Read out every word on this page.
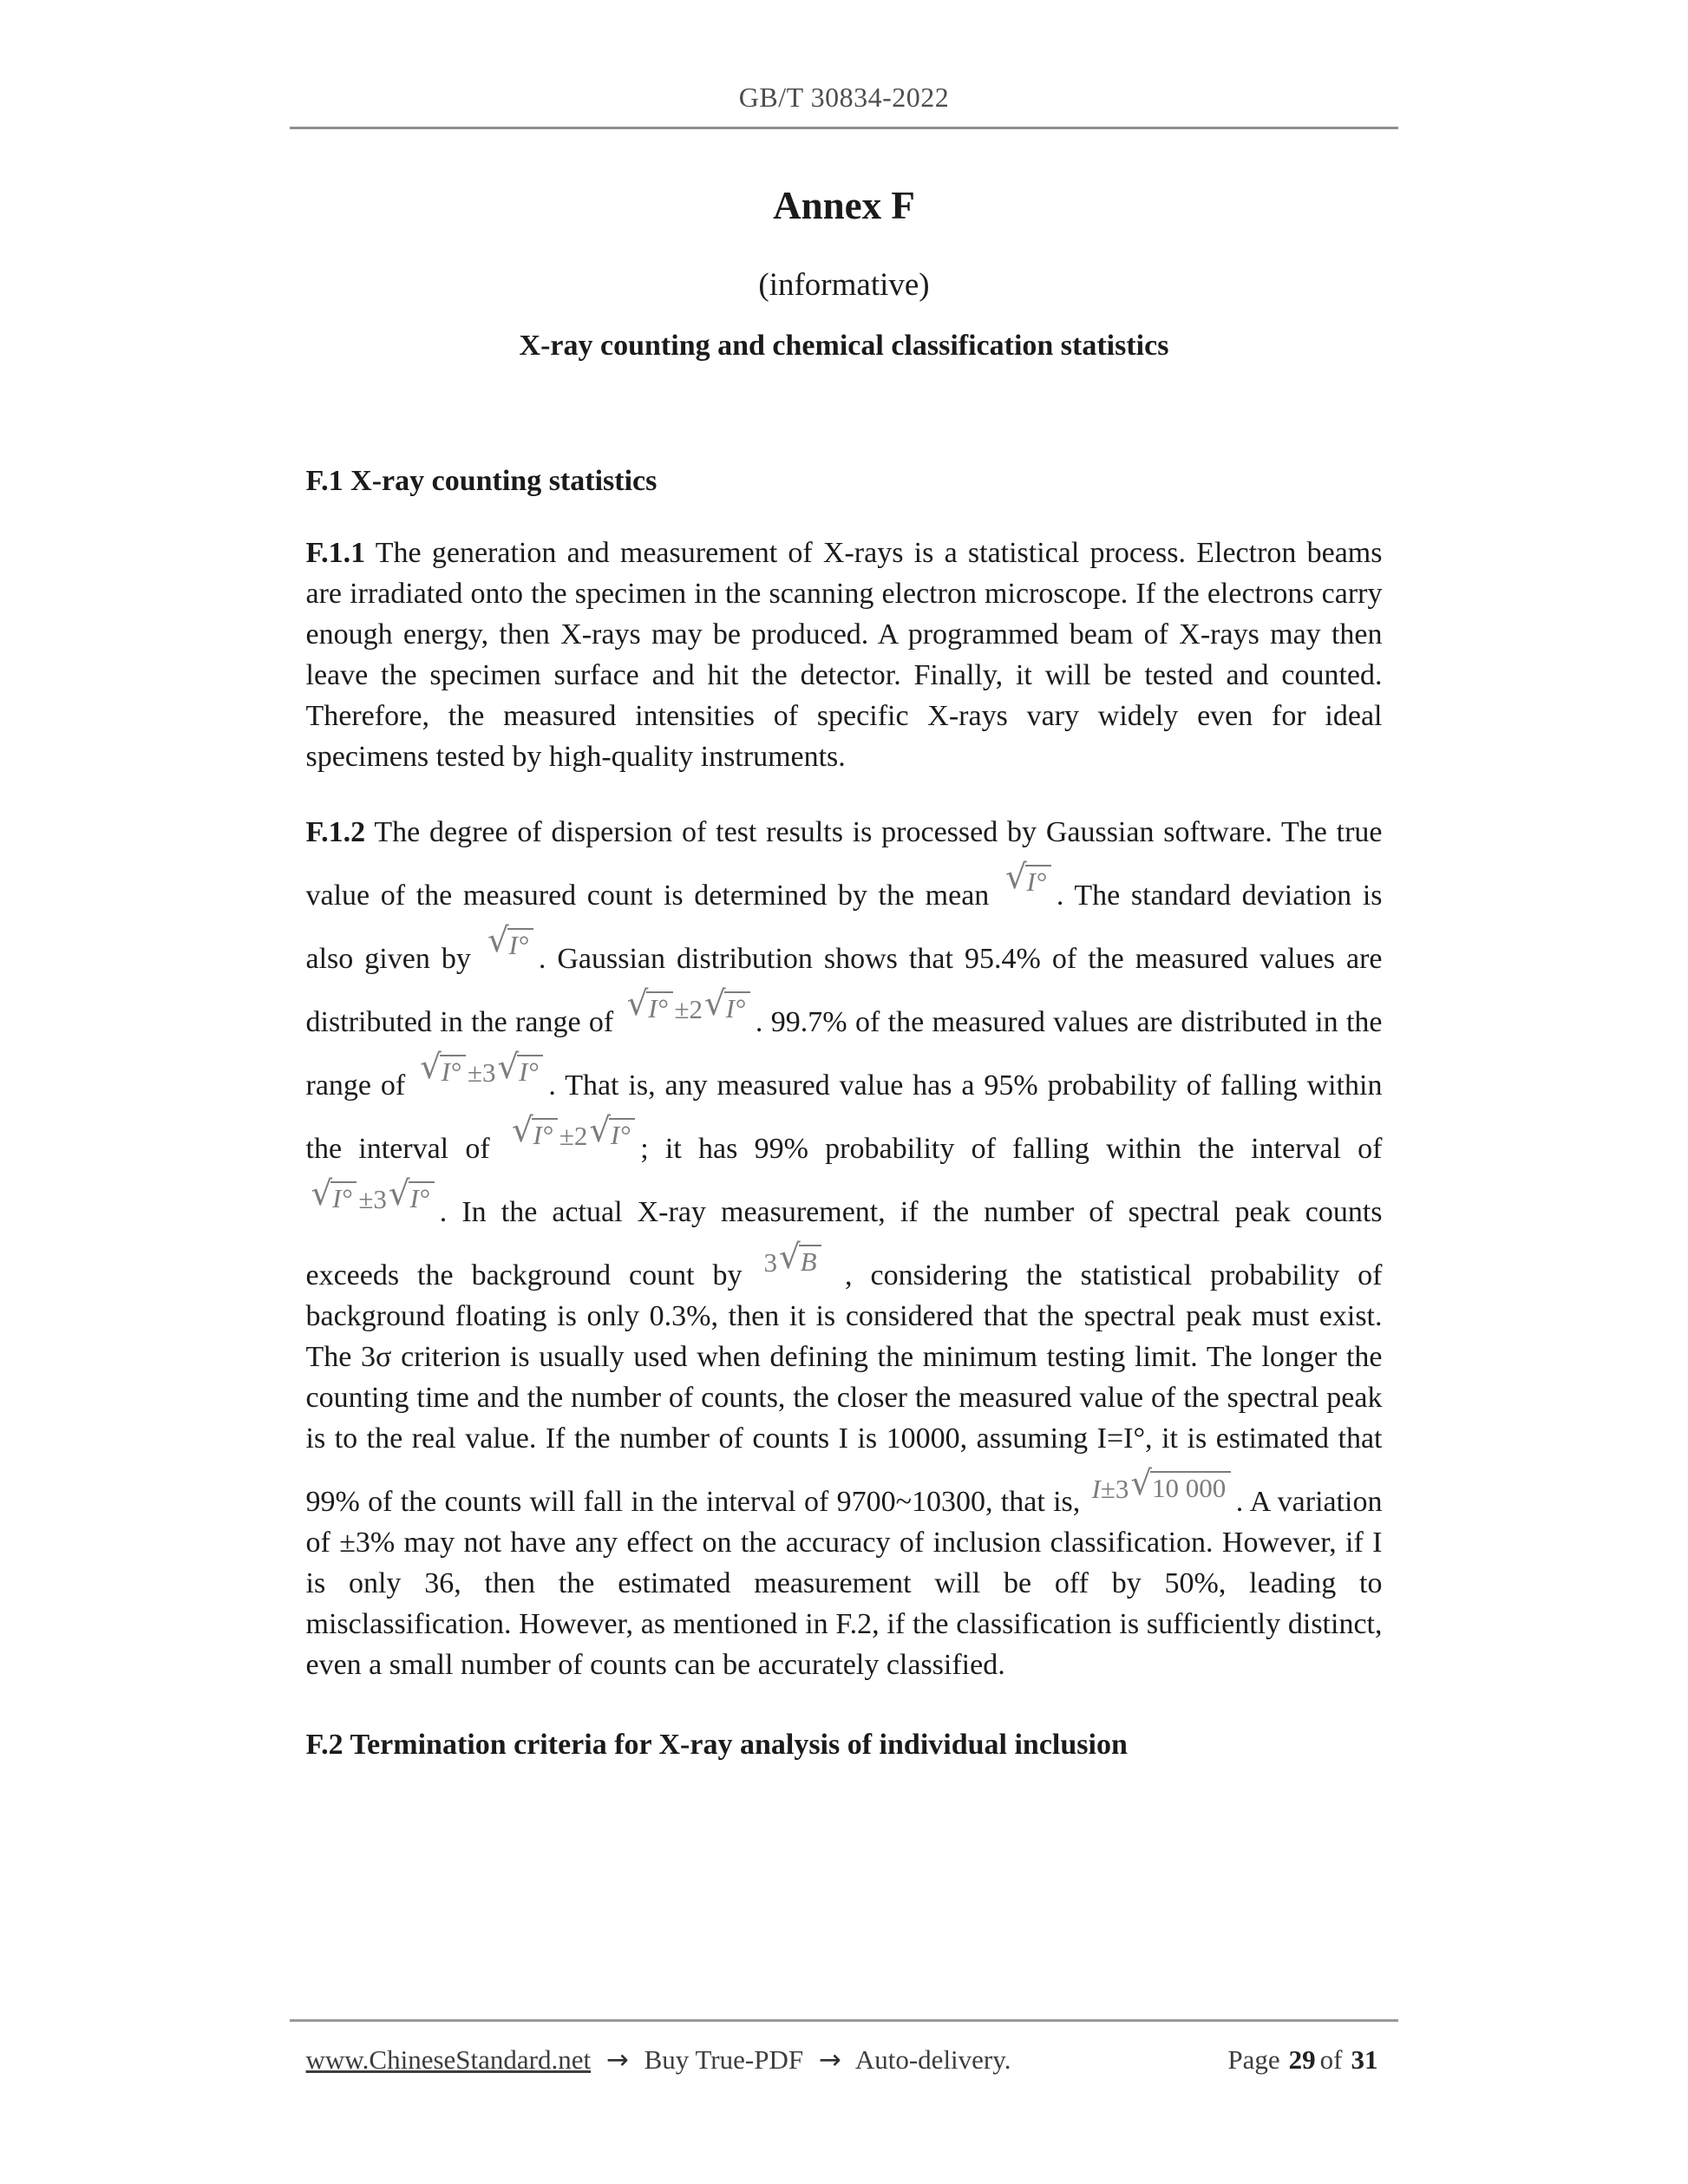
GB/T 30834-2022
Annex F
(informative)
X-ray counting and chemical classification statistics
F.1 X-ray counting statistics

F.1.1 The generation and measurement of X-rays is a statistical process. Electron beams are irradiated onto the specimen in the scanning electron microscope. If the electrons carry enough energy, then X-rays may be produced. A programmed beam of X-rays may then leave the specimen surface and hit the detector. Finally, it will be tested and counted. Therefore, the measured intensities of specific X-rays vary widely even for ideal specimens tested by high-quality instruments.

F.1.2 The degree of dispersion of test results is processed by Gaussian software. The true value of the measured count is determined by the mean √ I° . The standard deviation is also given by √ I° . Gaussian distribution shows that 95.4% of the measured values are distributed in the range of √ I° ±2 √ I° . 99.7% of the measured values are distributed in the range of √ I° ±3 √ I° . That is, any measured value has a 95% probability of falling within the interval of √ I° ±2 √ I° ; it has 99% probability of falling within the interval of
√ I° ±3 √ I° . In the actual X-ray measurement, if the number of spectral peak counts exceeds the background count by 3 √ B , considering the statistical probability of background floating is only 0.3%, then it is considered that the spectral peak must exist. The 3σ criterion is usually used when defining the minimum testing limit. The longer the counting time and the number of counts, the closer the measured value of the spectral peak is to the real value. If the number of counts I is 10000, assuming I=I°, it is estimated that 99% of the counts will fall in the interval of 9700~10300, that is, I±3 √ 10 000 . A variation of ±3% may not have any effect on the accuracy of inclusion classification. However, if I is only 36, then the estimated measurement will be off by 50%, leading to misclassification. However, as mentioned in F.2, if the classification is sufficiently distinct, even a small number of counts can be accurately classified.

F.2 Termination criteria for X-ray analysis of individual inclusion
www.ChineseStandard.net → Buy True-PDF → Auto-delivery.	Page 29 of 31
